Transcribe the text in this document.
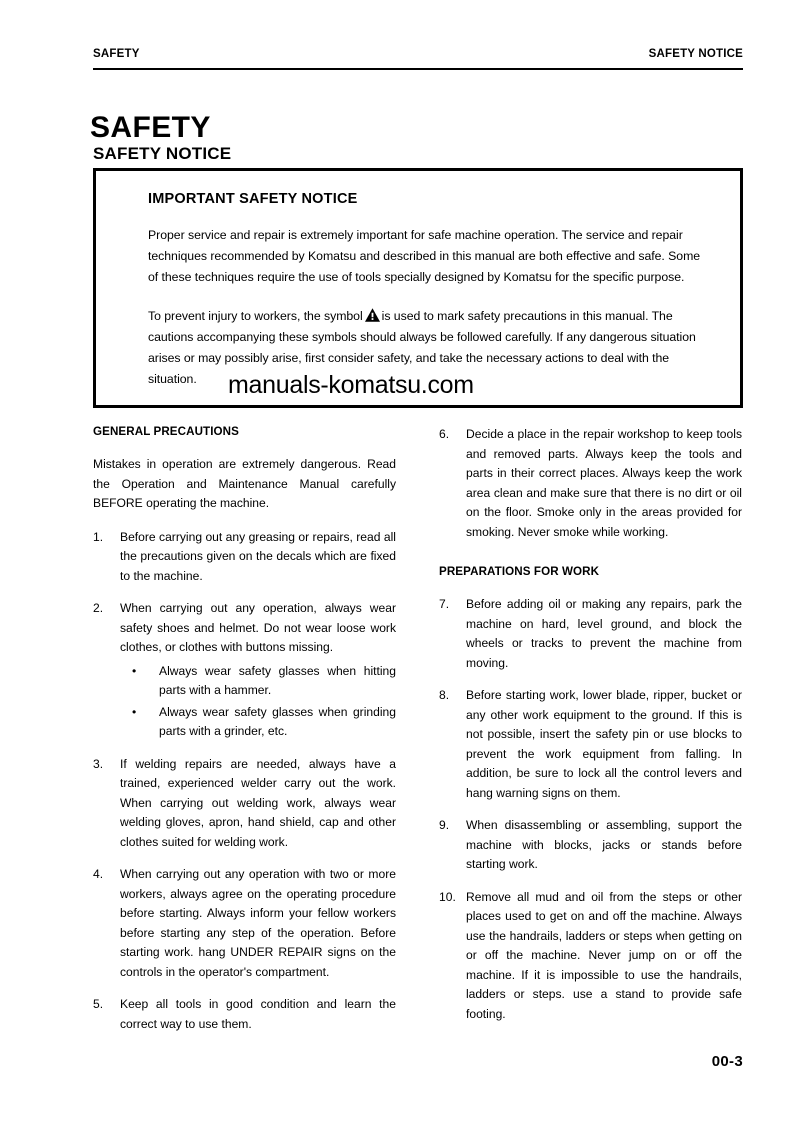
SAFETY	SAFETY NOTICE
SAFETY
SAFETY NOTICE
IMPORTANT SAFETY NOTICE

Proper service and repair is extremely important for safe machine operation. The service and repair techniques recommended by Komatsu and described in this manual are both effective and safe. Some of these techniques require the use of tools specially designed by Komatsu for the specific purpose.

To prevent injury to workers, the symbol is used to mark safety precautions in this manual. The cautions accompanying these symbols should always be followed carefully. If any dangerous situation arises or may possibly arise, first consider safety, and take the necessary actions to deal with the situation.	manuals-komatsu.com
GENERAL PRECAUTIONS

Mistakes in operation are extremely dangerous. Read the Operation and Maintenance Manual carefully BEFORE operating the machine.

1.	Before carrying out any greasing or repairs, read all the precautions given on the decals which are fixed to the machine.
2.	When carrying out any operation, always wear safety shoes and helmet. Do not wear loose work clothes, or clothes with buttons missing.
• Always wear safety glasses when hitting parts with a hammer.
• Always wear safety glasses when grinding parts with a grinder, etc.
3.	If welding repairs are needed, always have a trained, experienced welder carry out the work. When carrying out welding work, always wear welding gloves, apron, hand shield, cap and other clothes suited for welding work.
4.	When carrying out any operation with two or more workers, always agree on the operating procedure before starting. Always inform your fellow workers before starting any step of the operation. Before starting work. hang UNDER REPAIR signs on the controls in the operator's compartment.
5.	Keep all tools in good condition and learn the correct way to use them.
6.	Decide a place in the repair workshop to keep tools and removed parts. Always keep the tools and parts in their correct places. Always keep the work area clean and make sure that there is no dirt or oil on the floor. Smoke only in the areas provided for smoking. Never smoke while working.
PREPARATIONS FOR WORK
7.	Before adding oil or making any repairs, park the machine on hard, level ground, and block the wheels or tracks to prevent the machine from moving.
8.	Before starting work, lower blade, ripper, bucket or any other work equipment to the ground. If this is not possible, insert the safety pin or use blocks to prevent the work equipment from falling. In addition, be sure to lock all the control levers and hang warning signs on them.
9.	When disassembling or assembling, support the machine with blocks, jacks or stands before starting work.
10. Remove all mud and oil from the steps or other places used to get on and off the machine. Always use the handrails, ladders or steps when getting on or off the machine. Never jump on or off the machine. If it is impossible to use the handrails, ladders or steps. use a stand to provide safe footing.
00-3
